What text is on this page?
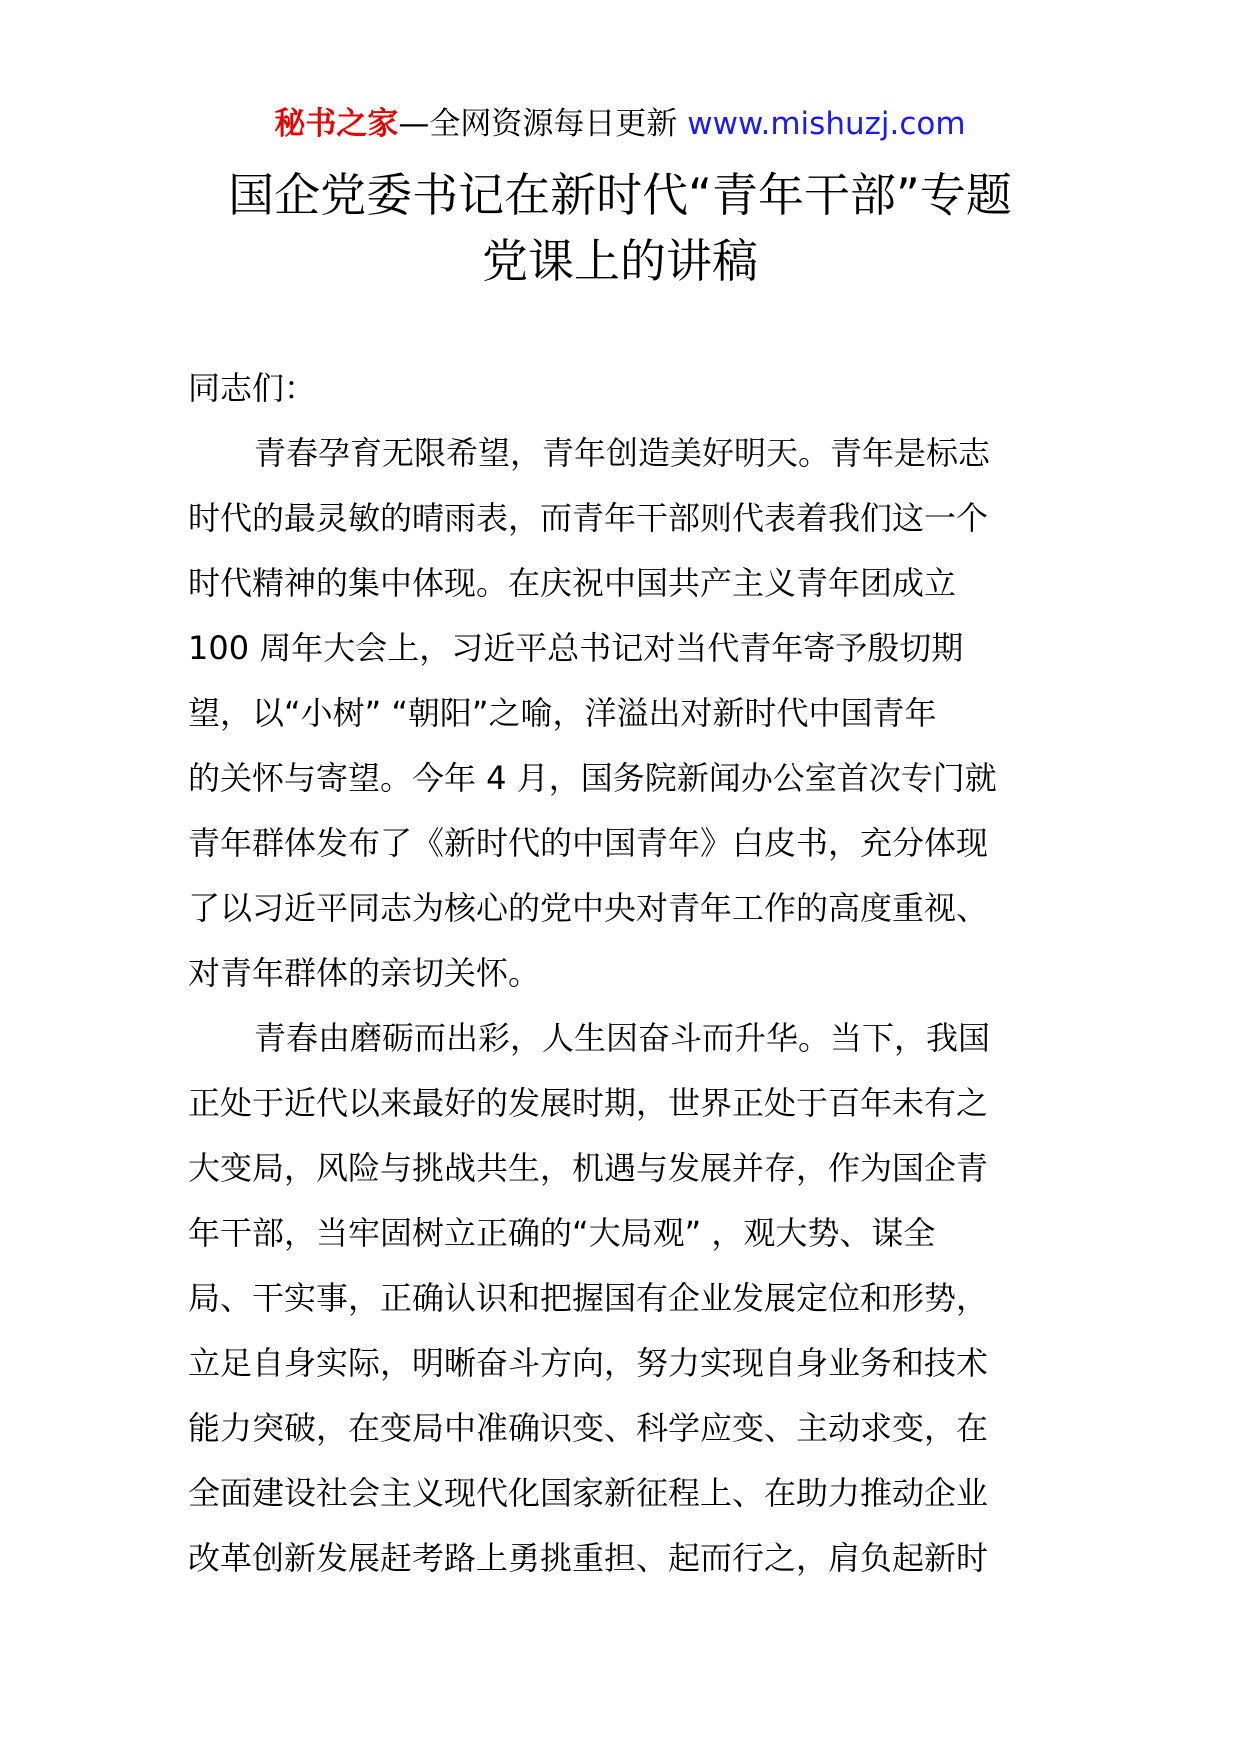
秘书之家—全网资源每日更新 www.mishuzj.com
国企党委书记在新时代“青年干部”专题
党课上的讲稿
同志们：
青春孕育无限希望，青年创造美好明天。青年是标志
时代的最灵敏的晴雨表，而青年干部则代表着我们这一个
时代精神的集中体现。在庆祝中国共产主义青年团成立
100 周年大会上，习近平总书记对当代青年寄予殷切期
望，以“小树” “朝阳”之喻，洋溢出对新时代中国青年
的关怀与寄望。今年 4 月，国务院新闻办公室首次专门就
青年群体发布了《新时代的中国青年》白皮书，充分体现
了以习近平同志为核心的党中央对青年工作的高度重视、
对青年群体的亲切关怀。
青春由磨砺而出彩，人生因奋斗而升华。当下，我国
正处于近代以来最好的发展时期，世界正处于百年未有之
大变局，风险与挑战共生，机遇与发展并存，作为国企青
年干部，当牢固树立正确的“大局观” ，观大势、谋全
局、干实事，正确认识和把握国有企业发展定位和形势，
立足自身实际，明晰奋斗方向，努力实现自身业务和技术
能力突破，在变局中准确识变、科学应变、主动求变，在
全面建设社会主义现代化国家新征程上、在助力推动企业
改革创新发展赶考路上勇挑重担、起而行之，肩负起新时
